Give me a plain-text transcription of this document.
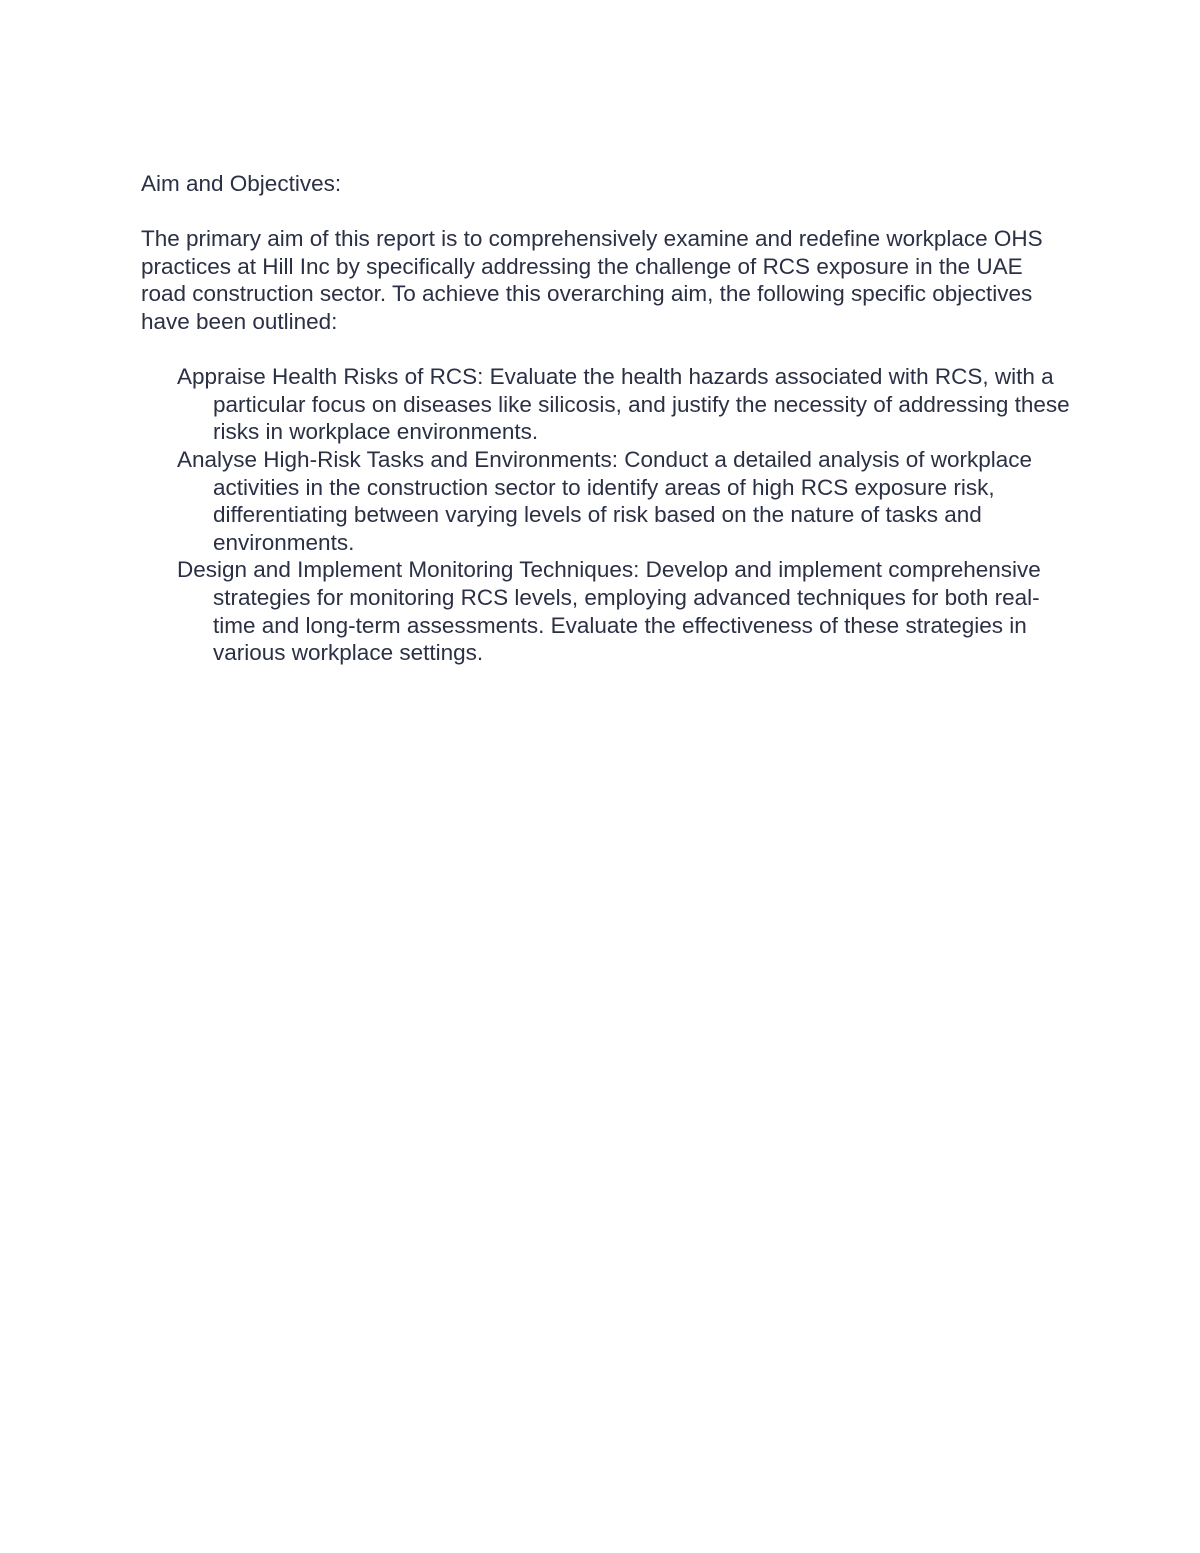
Aim and Objectives:

The primary aim of this report is to comprehensively examine and redefine workplace OHS practices at Hill Inc by specifically addressing the challenge of RCS exposure in the UAE road construction sector. To achieve this overarching aim, the following specific objectives have been outlined:

Appraise Health Risks of RCS: Evaluate the health hazards associated with RCS, with a particular focus on diseases like silicosis, and justify the necessity of addressing these risks in workplace environments.
Analyse High-Risk Tasks and Environments: Conduct a detailed analysis of workplace activities in the construction sector to identify areas of high RCS exposure risk, differentiating between varying levels of risk based on the nature of tasks and environments.
Design and Implement Monitoring Techniques: Develop and implement comprehensive strategies for monitoring RCS levels, employing advanced techniques for both real-time and long-term assessments. Evaluate the effectiveness of these strategies in various workplace settings.
